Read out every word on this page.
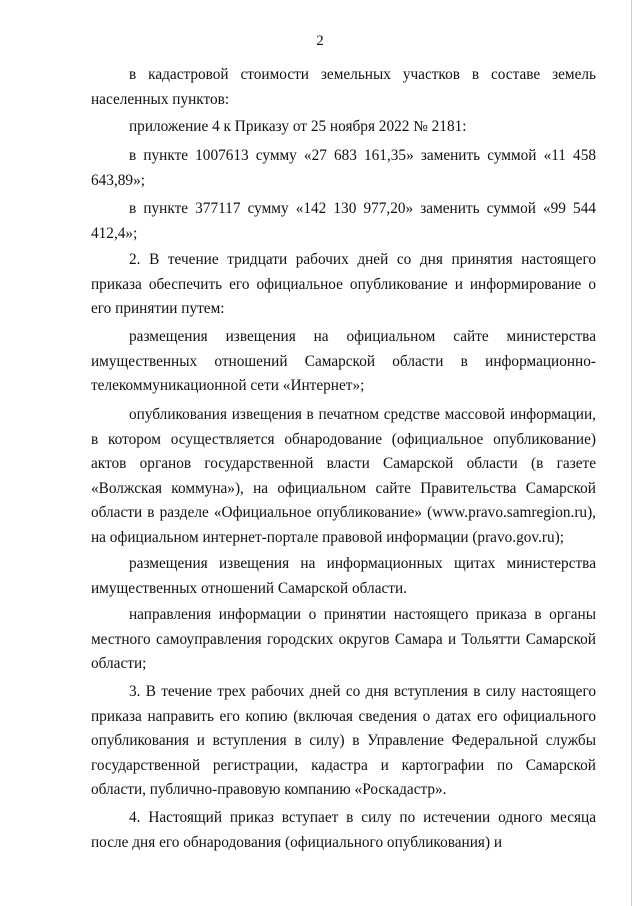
2

в кадастровой стоимости земельных участков в составе земель населенных пунктов:

приложение 4 к Приказу от 25 ноября 2022 № 2181:

в пункте 1007613 сумму «27 683 161,35» заменить суммой «11 458 643,89»;

в пункте 377117 сумму «142 130 977,20» заменить суммой «99 544 412,4»;

2. В течение тридцати рабочих дней со дня принятия настоящего приказа обеспечить его официальное опубликование и информирование о его принятии путем:

размещения извещения на официальном сайте министерства имущественных отношений Самарской области в информационно-телекоммуникационной сети «Интернет»;

опубликования извещения в печатном средстве массовой информации, в котором осуществляется обнародование (официальное опубликование) актов органов государственной власти Самарской области (в газете «Волжская коммуна»), на официальном сайте Правительства Самарской области в разделе «Официальное опубликование» (www.pravo.samregion.ru), на официальном интернет-портале правовой информации (pravo.gov.ru);

размещения извещения на информационных щитах министерства имущественных отношений Самарской области.

направления информации о принятии настоящего приказа в органы местного самоуправления городских округов Самара и Тольятти Самарской области;

3. В течение трех рабочих дней со дня вступления в силу настоящего приказа направить его копию (включая сведения о датах его официального опубликования и вступления в силу) в Управление Федеральной службы государственной регистрации, кадастра и картографии по Самарской области, публично-правовую компанию «Роскадастр».

4. Настоящий приказ вступает в силу по истечении одного месяца после дня его обнародования (официального опубликования) и
